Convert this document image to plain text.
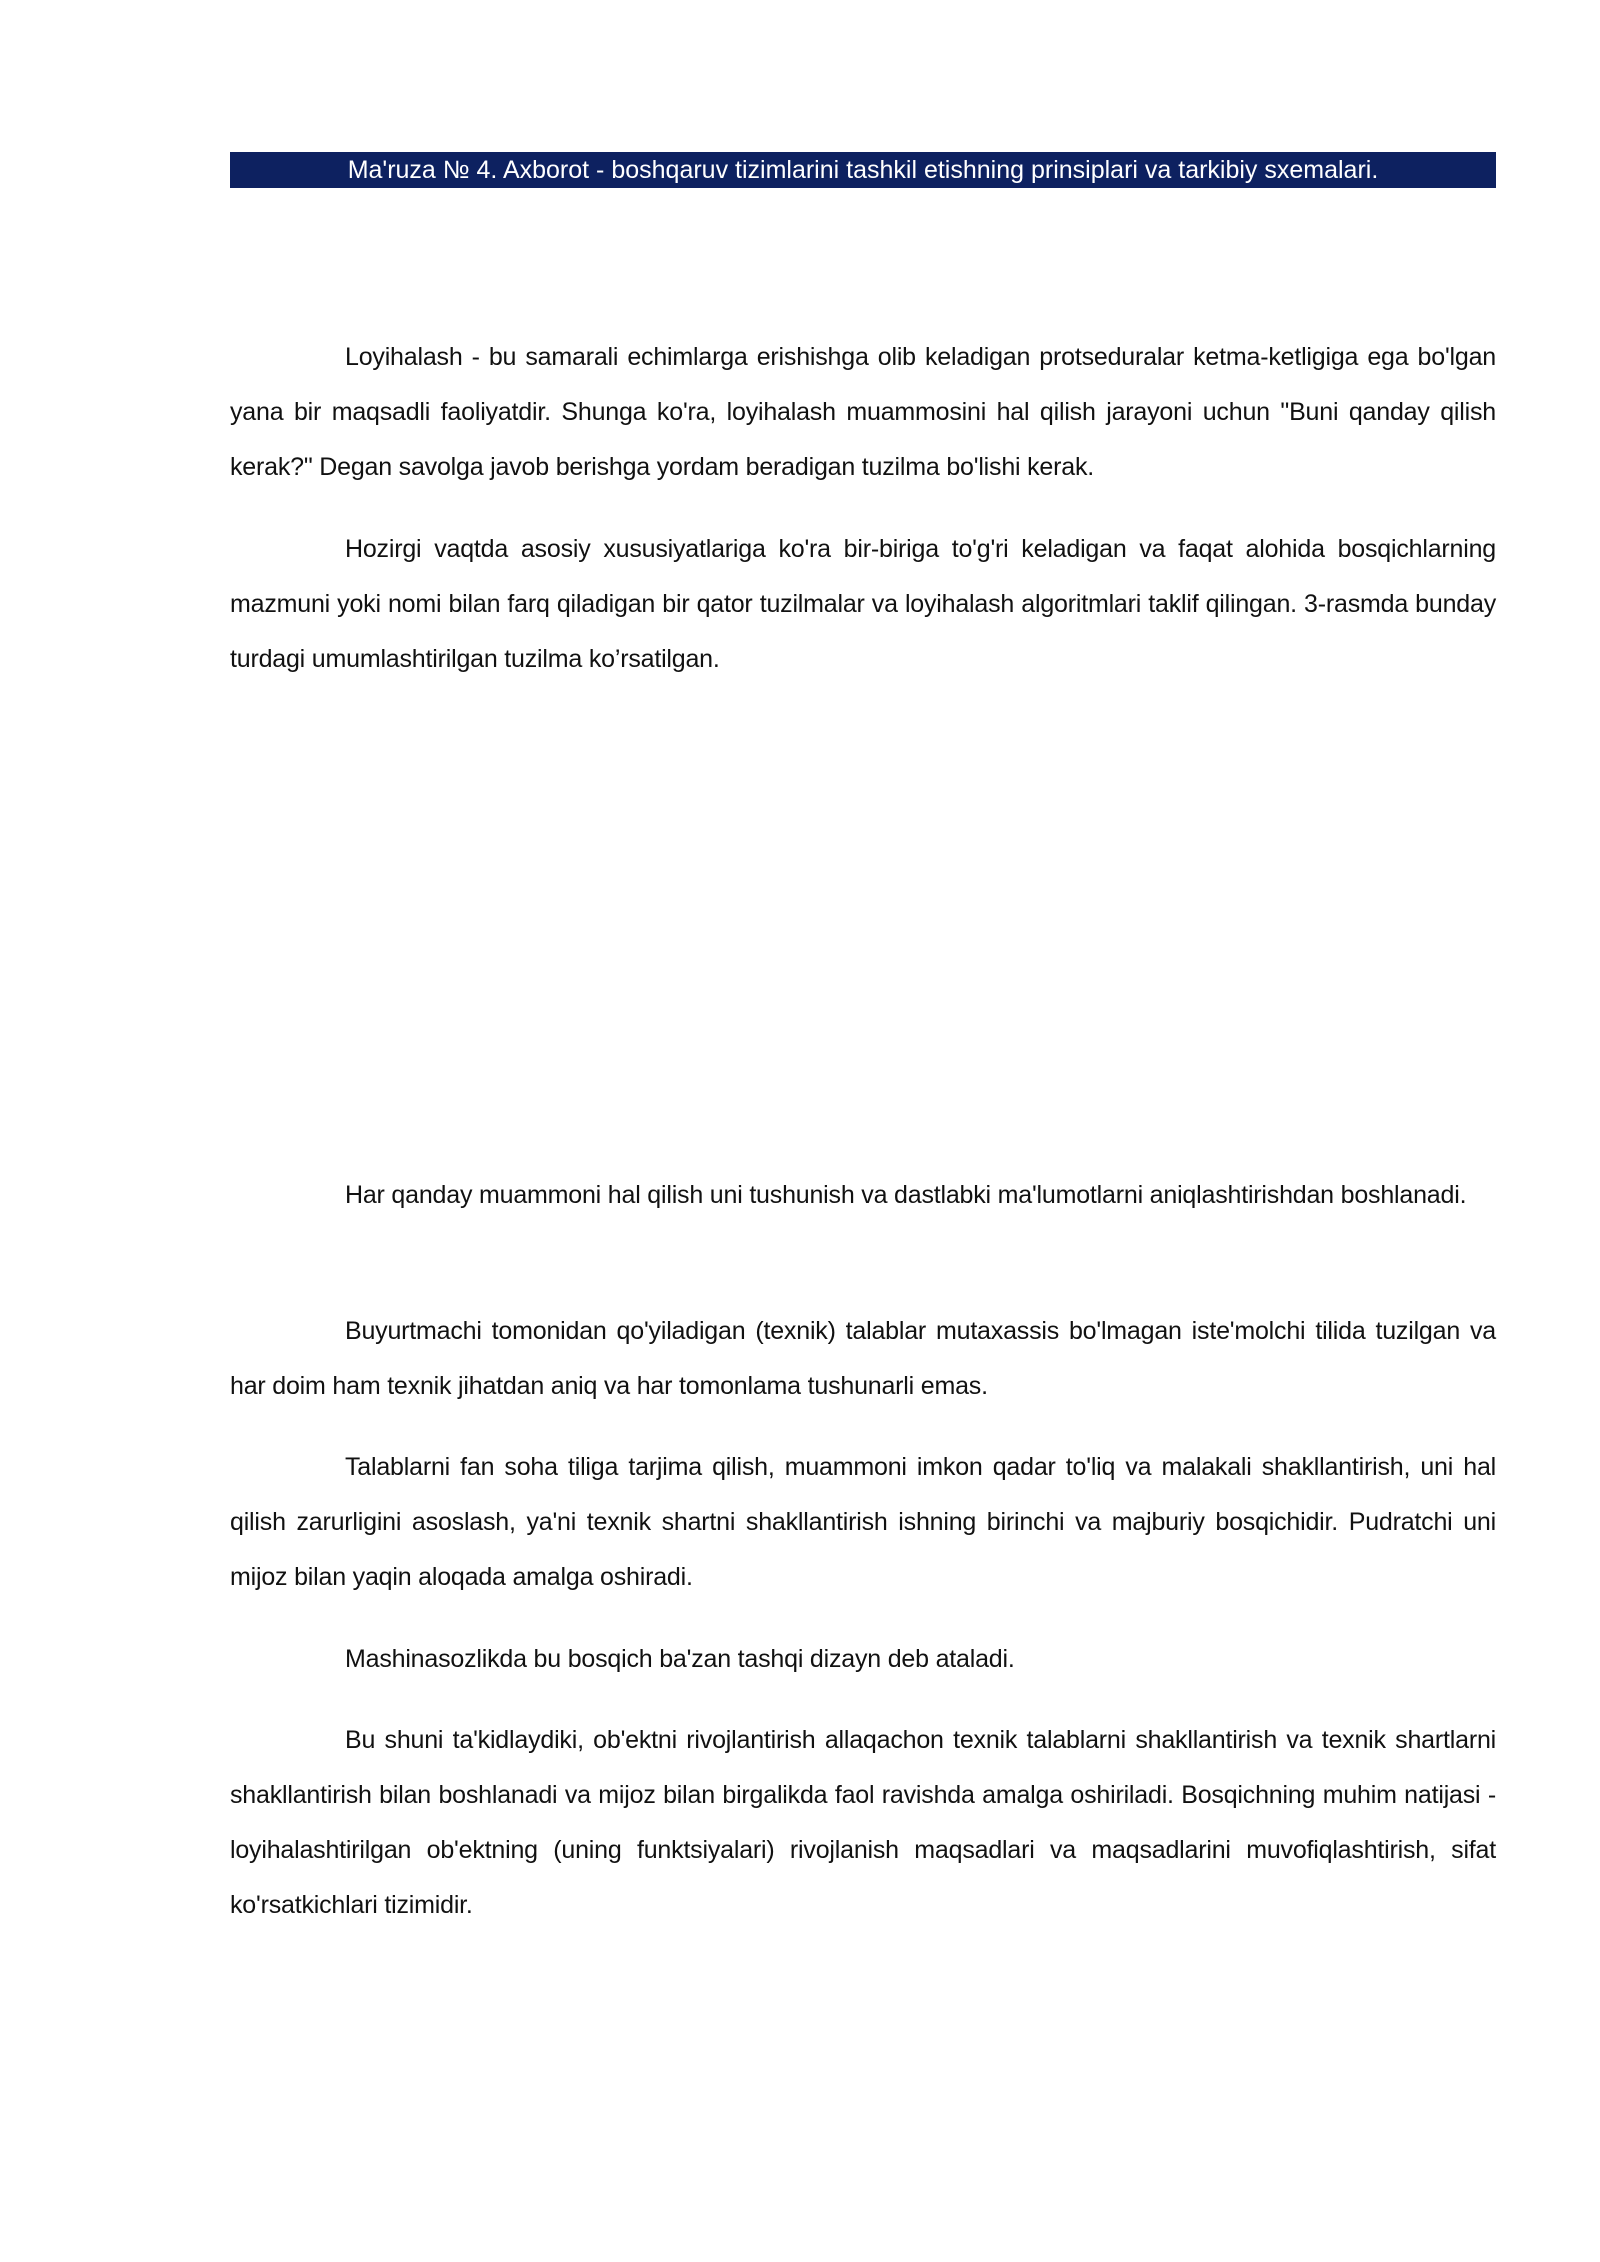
Ma'ruza № 4. Axborot - boshqaruv tizimlarini tashkil etishning prinsiplari va tarkibiy sxemalari.

Loyihalash - bu samarali echimlarga erishishga olib keladigan protseduralar ketma-ketligiga ega bo'lgan yana bir maqsadli faoliyatdir. Shunga ko'ra, loyihalash muammosini hal qilish jarayoni uchun "Buni qanday qilish kerak?" Degan savolga javob berishga yordam beradigan tuzilma bo'lishi kerak.

Hozirgi vaqtda asosiy xususiyatlariga ko'ra bir-biriga to'g'ri keladigan va faqat alohida bosqichlarning mazmuni yoki nomi bilan farq qiladigan bir qator tuzilmalar va loyihalash algoritmlari taklif qilingan. 3-rasmda bunday turdagi umumlashtirilgan tuzilma ko’rsatilgan.

Har qanday muammoni hal qilish uni tushunish va dastlabki ma'lumotlarni aniqlashtirishdan boshlanadi.

Buyurtmachi tomonidan qo'yiladigan (texnik) talablar mutaxassis bo'lmagan iste'molchi tilida tuzilgan va har doim ham texnik jihatdan aniq va har tomonlama tushunarli emas.

Talablarni fan soha tiliga tarjima qilish, muammoni imkon qadar to'liq va malakali shakllantirish, uni hal qilish zarurligini asoslash, ya'ni texnik shartni shakllantirish ishning birinchi va majburiy bosqichidir. Pudratchi uni mijoz bilan yaqin aloqada amalga oshiradi.

Mashinasozlikda bu bosqich ba'zan tashqi dizayn deb ataladi.

Bu shuni ta'kidlaydiki, ob'ektni rivojlantirish allaqachon texnik talablarni shakllantirish va texnik shartlarni shakllantirish bilan boshlanadi va mijoz bilan birgalikda faol ravishda amalga oshiriladi. Bosqichning muhim natijasi - loyihalashtirilgan ob'ektning (uning funktsiyalari) rivojlanish maqsadlari va maqsadlarini muvofiqlashtirish, sifat ko'rsatkichlari tizimidir.
